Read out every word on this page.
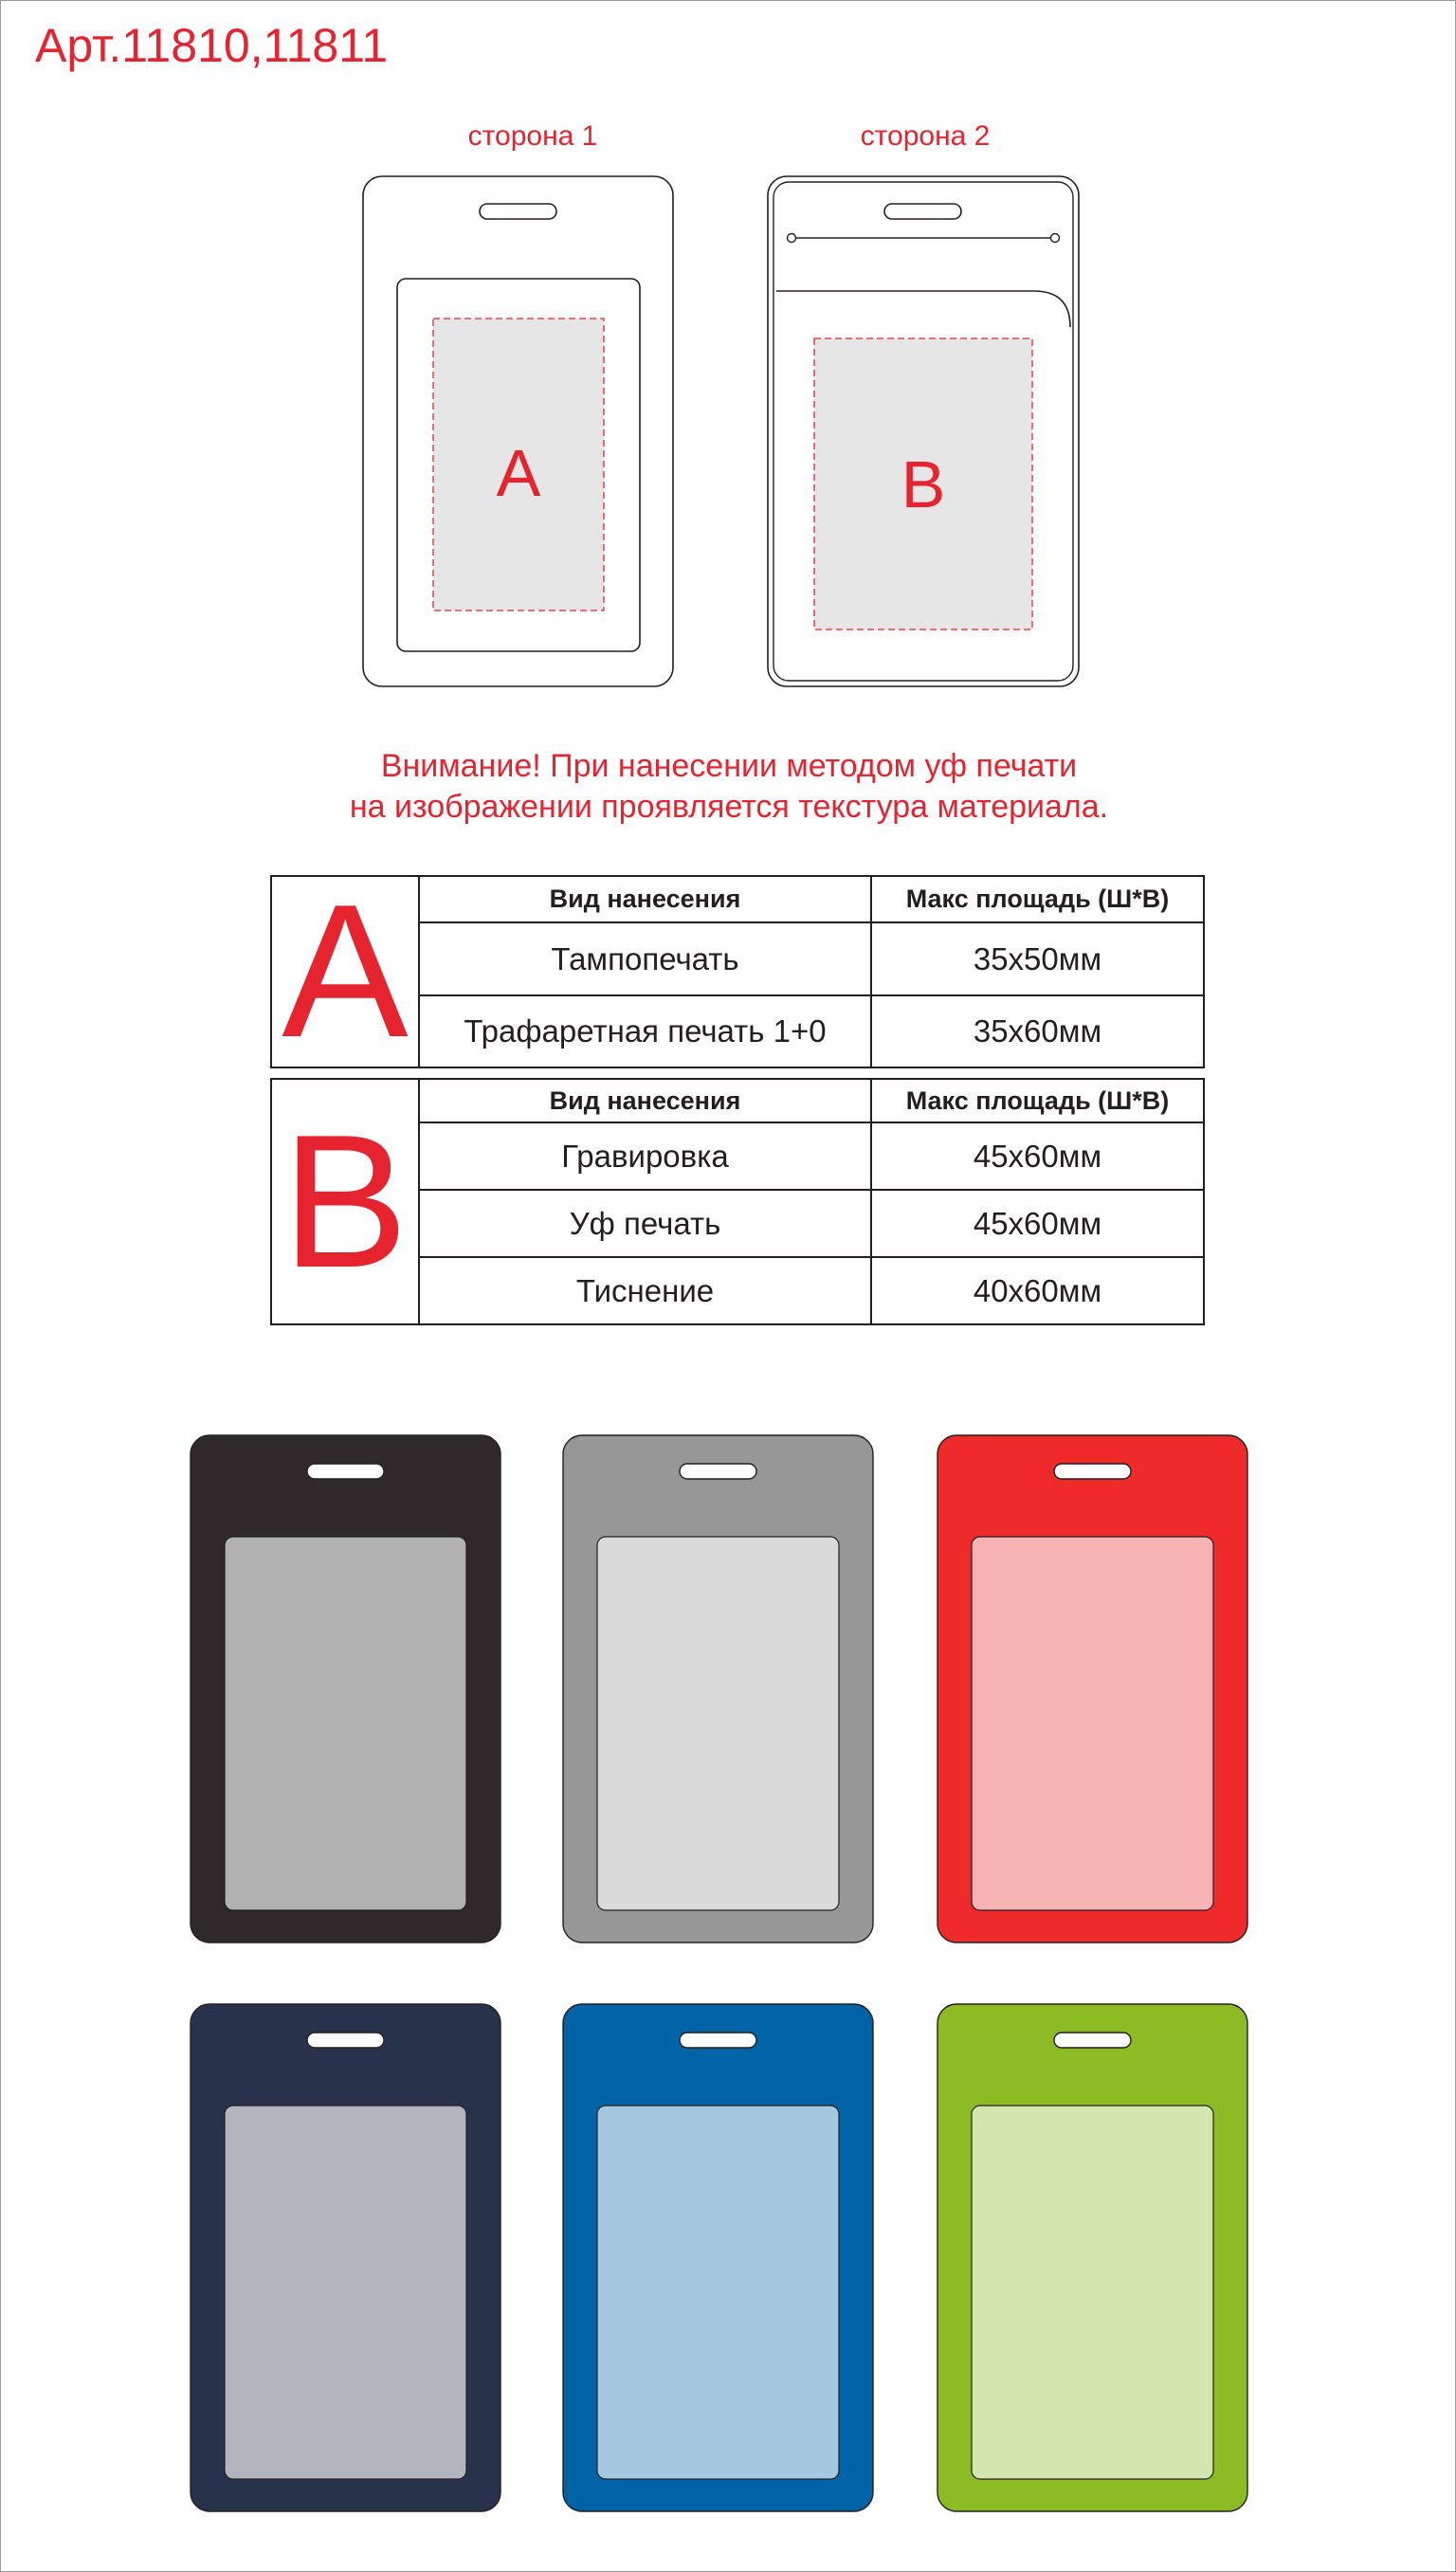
Арт.11810,11811
сторона 1	сторона 2
A	B
Внимание! При нанесении методом уф печати
на изображении проявляется текстура материала.
A	Вид нанесения	Макс площадь (Ш*В)
	Тампопечать	35х50мм
	Трафаретная печать 1+0	35х60мм
B	Вид нанесения	Макс площадь (Ш*В)
	Гравировка	45х60мм
	Уф печать	45х60мм
	Тиснение	40х60мм
